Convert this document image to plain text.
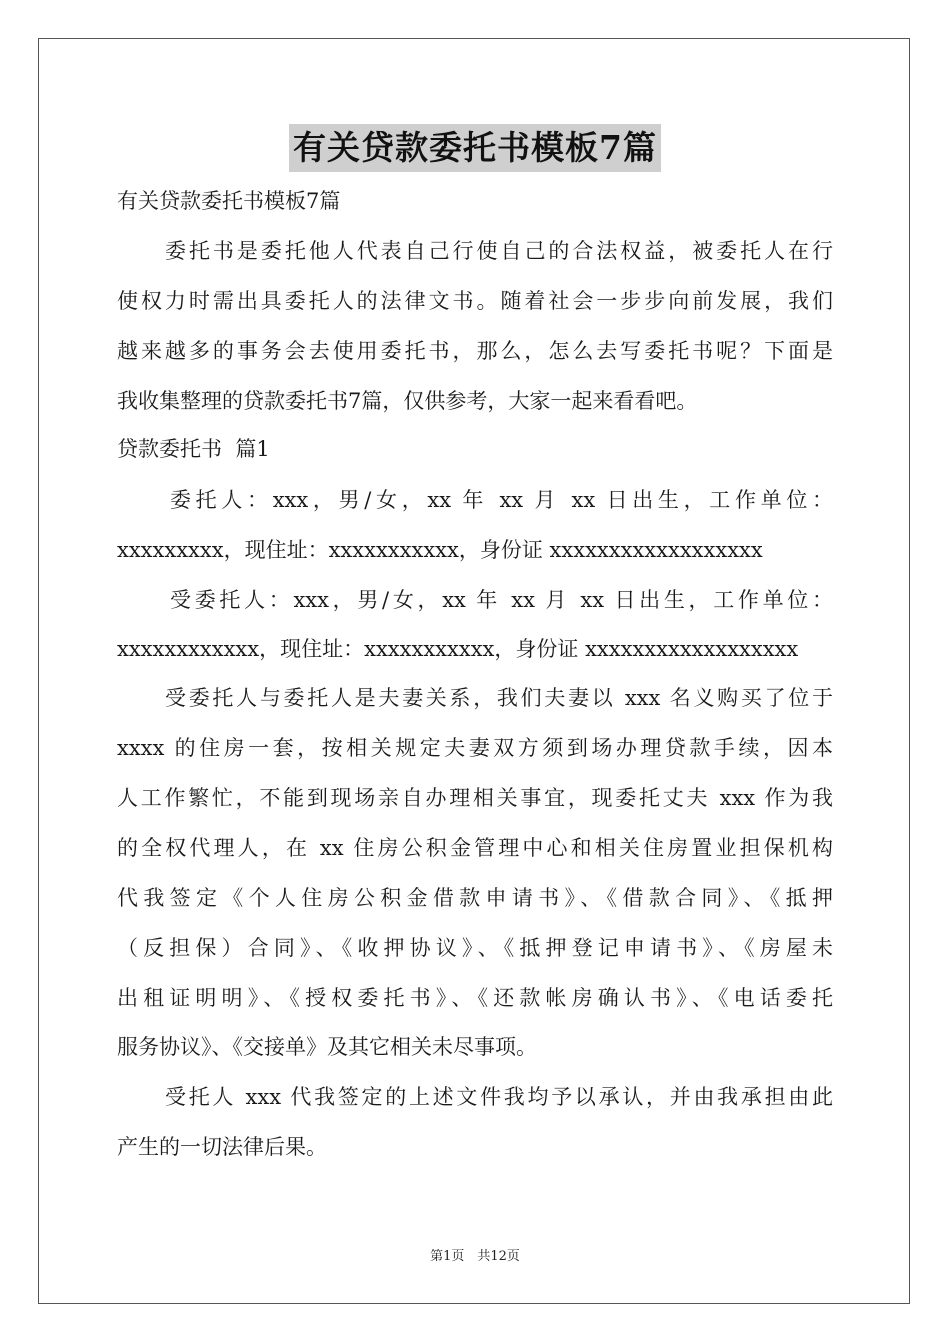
有关贷款委托书模板7篇
有关贷款委托书模板7篇
委托书是委托他人代表自己行使自己的合法权益，被委托人在行
使权力时需出具委托人的法律文书。随着社会一步步向前发展，我们
越来越多的事务会去使用委托书，那么，怎么去写委托书呢？下面是
我收集整理的贷款委托书7篇，仅供参考，大家一起来看看吧。
贷款委托书  篇1
委托人：xxx，男/女，xx 年 xx 月 xx 日出生，工作单位：
xxxxxxxxx，现住址：xxxxxxxxxxx，身份证 xxxxxxxxxxxxxxxxxx
受委托人：xxx，男/女，xx 年 xx 月 xx 日出生，工作单位：
xxxxxxxxxxxx，现住址：xxxxxxxxxxx，身份证 xxxxxxxxxxxxxxxxxx
受委托人与委托人是夫妻关系，我们夫妻以 xxx 名义购买了位于
xxxx 的住房一套，按相关规定夫妻双方须到场办理贷款手续，因本
人工作繁忙，不能到现场亲自办理相关事宜，现委托丈夫 xxx 作为我
的全权代理人，在 xx 住房公积金管理中心和相关住房置业担保机构
代我签定《个人住房公积金借款申请书》、《借款合同》、《抵押
（反担保）合同》、《收押协议》、《抵押登记申请书》、《房屋未
出租证明明》、《授权委托书》、《还款帐房确认书》、《电话委托
服务协议》、《交接单》及其它相关未尽事项。
受托人 xxx 代我签定的上述文件我均予以承认，并由我承担由此
产生的一切法律后果。
第1页　共12页
